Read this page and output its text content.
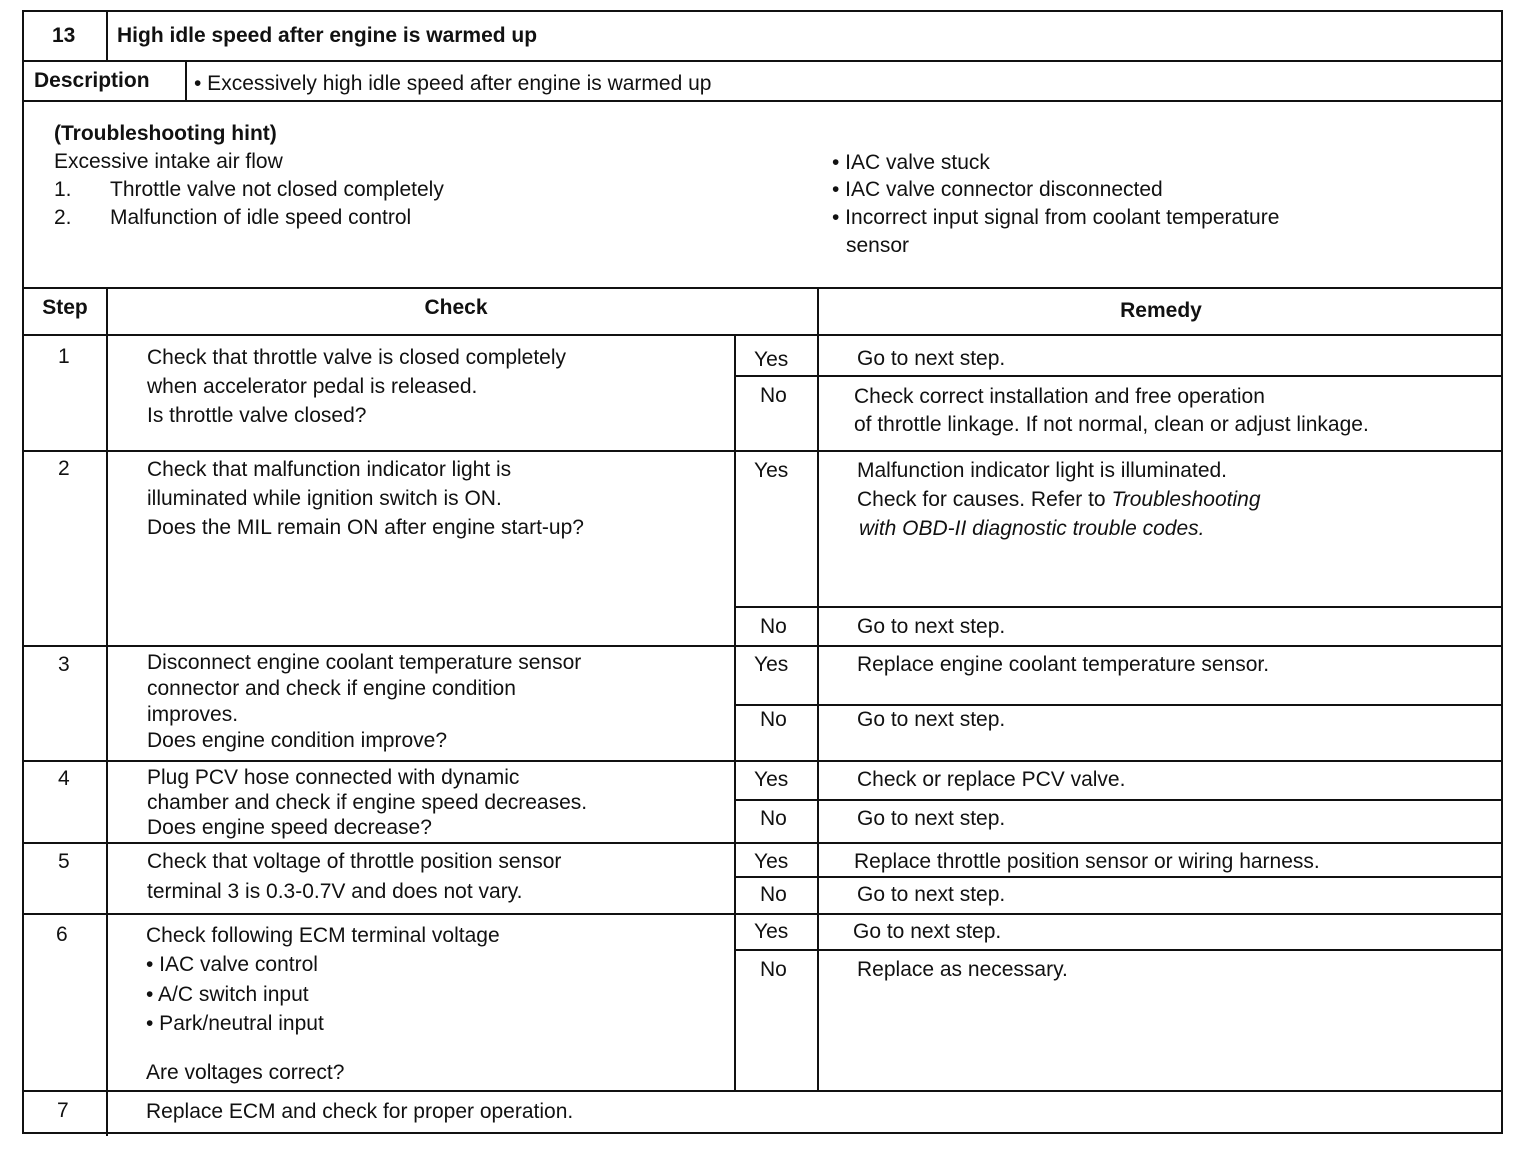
13 High idle speed after engine is warmed up
Description • Excessively high idle speed after engine is warmed up
(Troubleshooting hint)
Excessive intake air flow
1. Throttle valve not closed completely
2. Malfunction of idle speed control
• IAC valve stuck
• IAC valve connector disconnected
• Incorrect input signal from coolant temperature
sensor
Step	Check	Remedy
1	Check that throttle valve is closed completely
when accelerator pedal is released.
Is throttle valve closed?
Yes	Go to next step.
No	Check correct installation and free operation
of throttle linkage. If not normal, clean or adjust linkage.
2	Check that malfunction indicator light is
illuminated while ignition switch is ON.
Does the MIL remain ON after engine start-up?
Yes	Malfunction indicator light is illuminated.
Check for causes. Refer to Troubleshooting
with OBD-II diagnostic trouble codes.
No	Go to next step.
3	Disconnect engine coolant temperature sensor
connector and check if engine condition
improves.
Does engine condition improve?
Yes	Replace engine coolant temperature sensor.
No	Go to next step.
4	Plug PCV hose connected with dynamic
chamber and check if engine speed decreases.
Does engine speed decrease?
Yes	Check or replace PCV valve.
No	Go to next step.
5	Check that voltage of throttle position sensor
terminal 3 is 0.3-0.7V and does not vary.
Yes	Replace throttle position sensor or wiring harness.
No	Go to next step.
6	Check following ECM terminal voltage
• IAC valve control
• A/C switch input
• Park/neutral input
Are voltages correct?
Yes	Go to next step.
No	Replace as necessary.
7	Replace ECM and check for proper operation.
